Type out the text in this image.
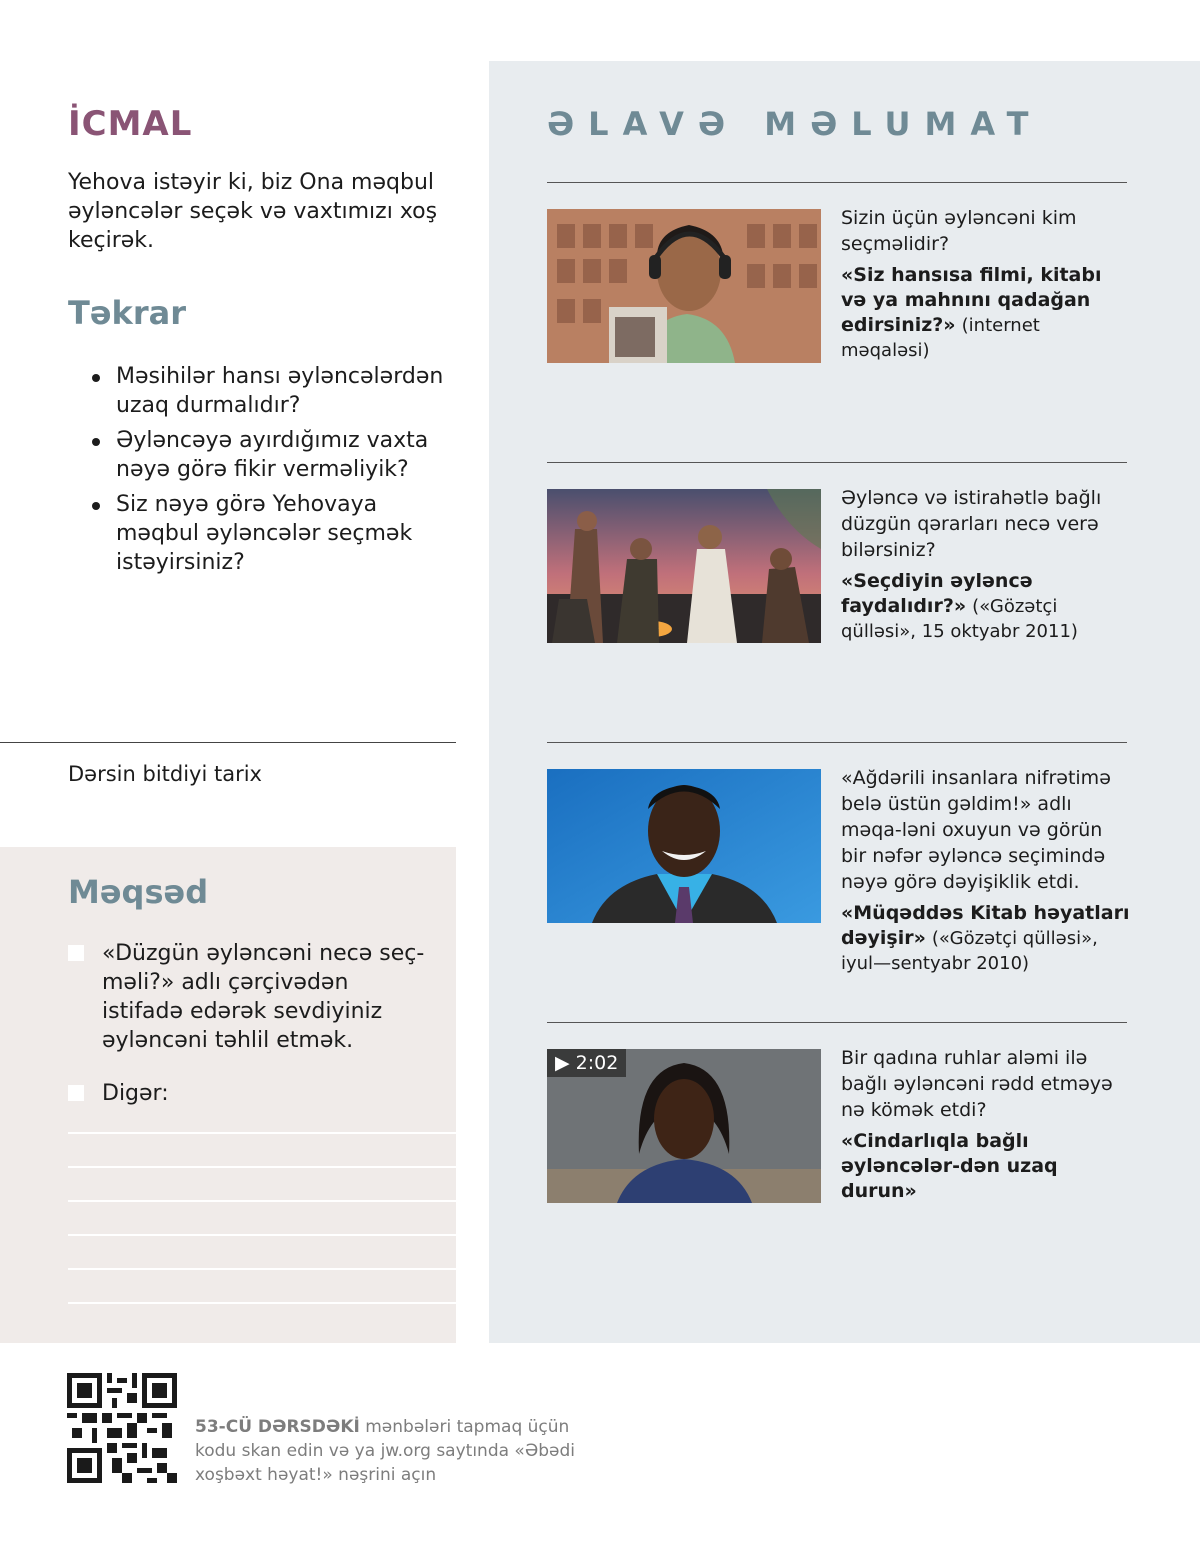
İCMAL

Yehova istəyir ki, biz Ona məqbul əyləncələr seçək və vaxtımızı xoş keçirək.

Təkrar
Məsihilər hansı əyləncələrdən uzaq durmalıdır?
Əyləncəyə ayırdığımız vaxta nəyə görə fikir verməliyik?
Siz nəyə görə Yehovaya məqbul əyləncələr seçmək istəyirsiniz?

Dərsin bitdiyi tarix

Məqsəd

«Düzgün əyləncəni necə seç-məli?» adlı çərçivədən istifadə edərək sevdiyiniz əyləncəni təhlil etmək.

Digər:

ƏLAVƏ MƏLUMAT

Sizin üçün əyləncəni kim seçməlidir?

«Siz hansısa filmi, kitabı və ya mahnını qadağan edirsiniz?» (internet məqaləsi)

Əyləncə və istirahətlə bağlı düzgün qərarları necə verə bilərsiniz?

«Seçdiyin əyləncə faydalıdır?» («Gözətçi qülləsi», 15 oktyabr 2011)

«Ağdərili insanlara nifrətimə belə üstün gəldim!» adlı məqa-ləni oxuyun və görün bir nəfər əyləncə seçimində nəyə görə dəyişiklik etdi.

«Müqəddəs Kitab həyatları dəyişir» («Gözətçi qülləsi», iyul—sentyabr 2010)

▶ 2:02	Bir qadına ruhlar aləmi ilə bağlı əyləncəni rədd etməyə nə kömək etdi?

«Cindarlıqla bağlı əyləncələr-dən uzaq durun»

53-CÜ DƏRSDƏKİ mənbələri tapmaq üçün kodu skan edin və ya jw.org saytında «Əbədi xoşbəxt həyat!» nəşrini açın
